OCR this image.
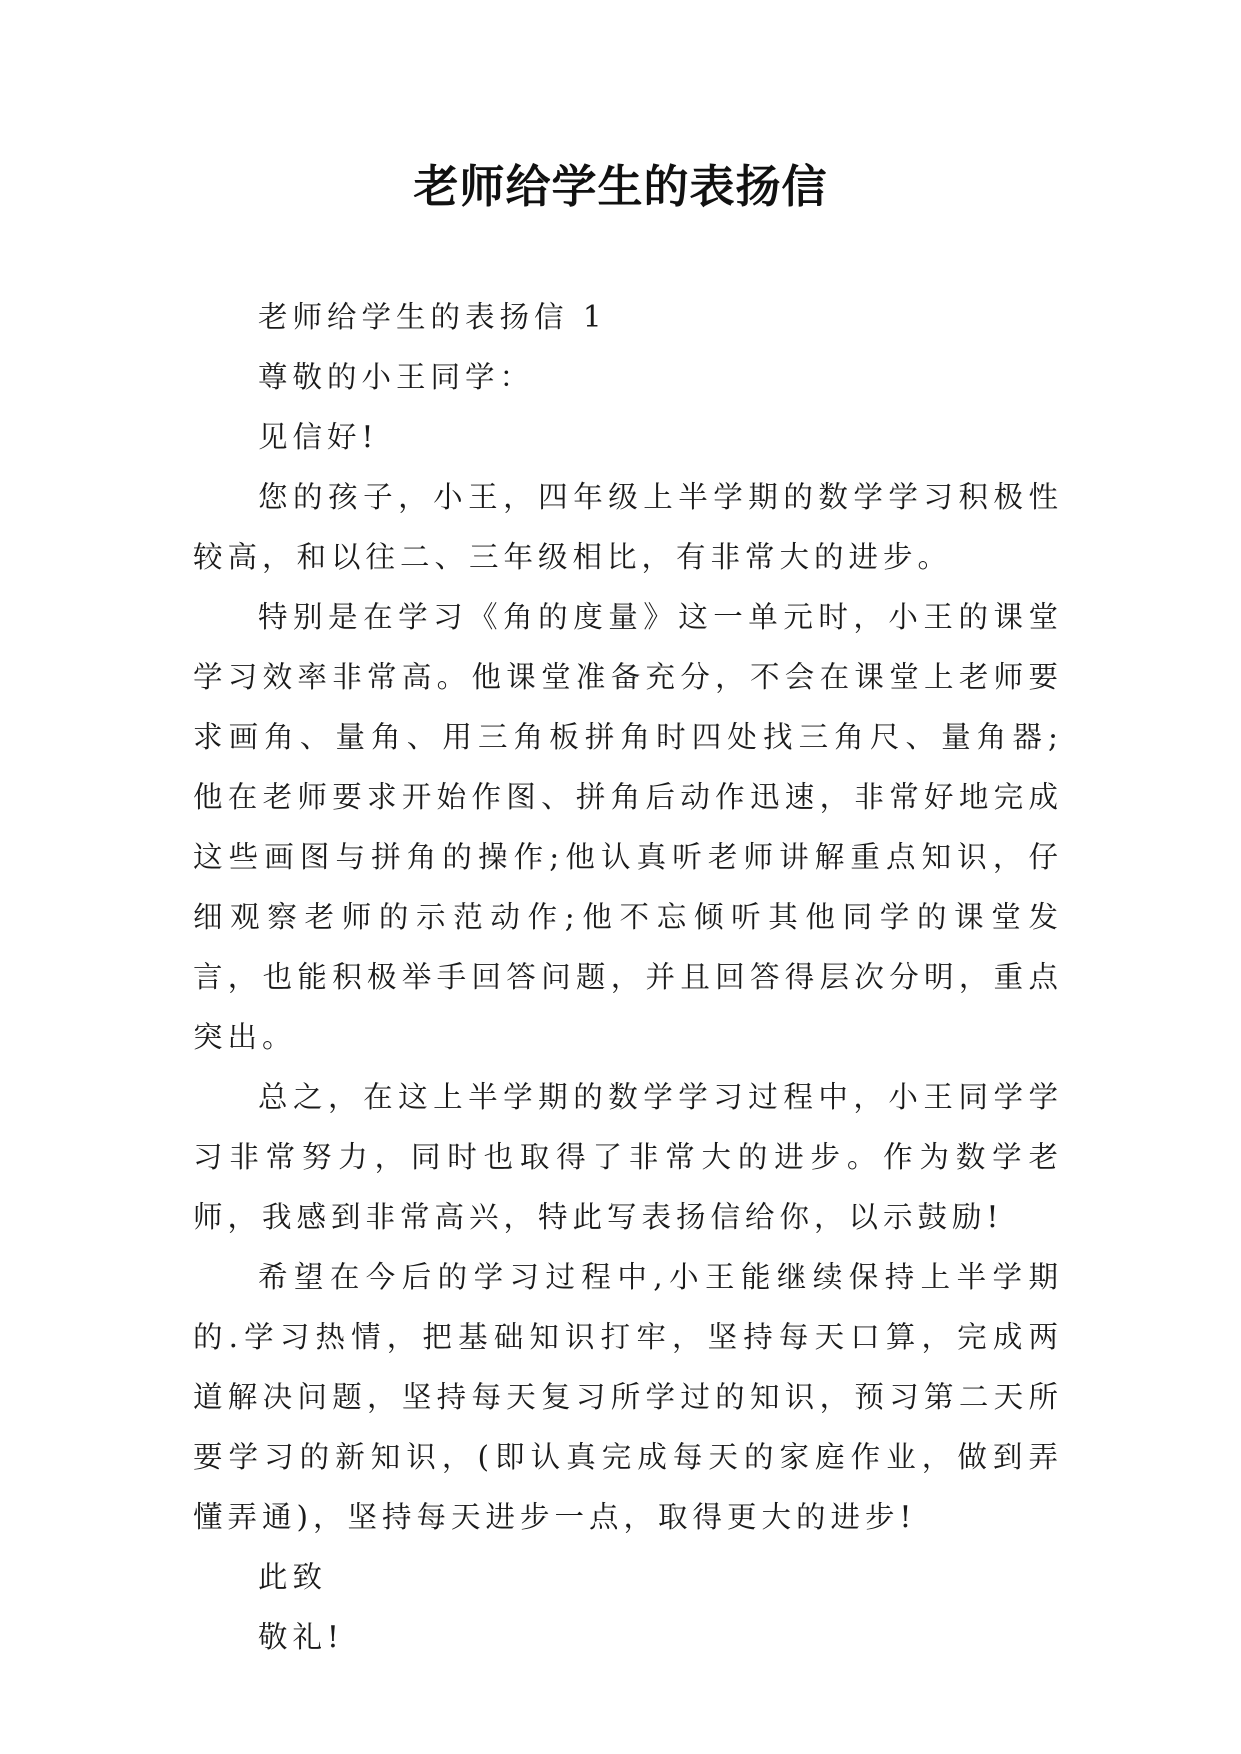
老师给学生的表扬信

老师给学生的表扬信 1

尊敬的小王同学：

见信好!

您的孩子，小王，四年级上半学期的数学学习积极性较高，和以往二、三年级相比，有非常大的进步。

特别是在学习《角的度量》这一单元时，小王的课堂学习效率非常高。他课堂准备充分，不会在课堂上老师要求画角、量角、用三角板拼角时四处找三角尺、量角器;他在老师要求开始作图、拼角后动作迅速，非常好地完成这些画图与拼角的操作;他认真听老师讲解重点知识，仔细观察老师的示范动作;他不忘倾听其他同学的课堂发言，也能积极举手回答问题，并且回答得层次分明，重点突出。

总之，在这上半学期的数学学习过程中，小王同学学习非常努力，同时也取得了非常大的进步。作为数学老师，我感到非常高兴，特此写表扬信给你，以示鼓励!

希望在今后的学习过程中,小王能继续保持上半学期的.学习热情，把基础知识打牢，坚持每天口算，完成两道解决问题，坚持每天复习所学过的知识，预习第二天所要学习的新知识，(即认真完成每天的家庭作业，做到弄懂弄通)，坚持每天进步一点，取得更大的进步!

此致

敬礼!
